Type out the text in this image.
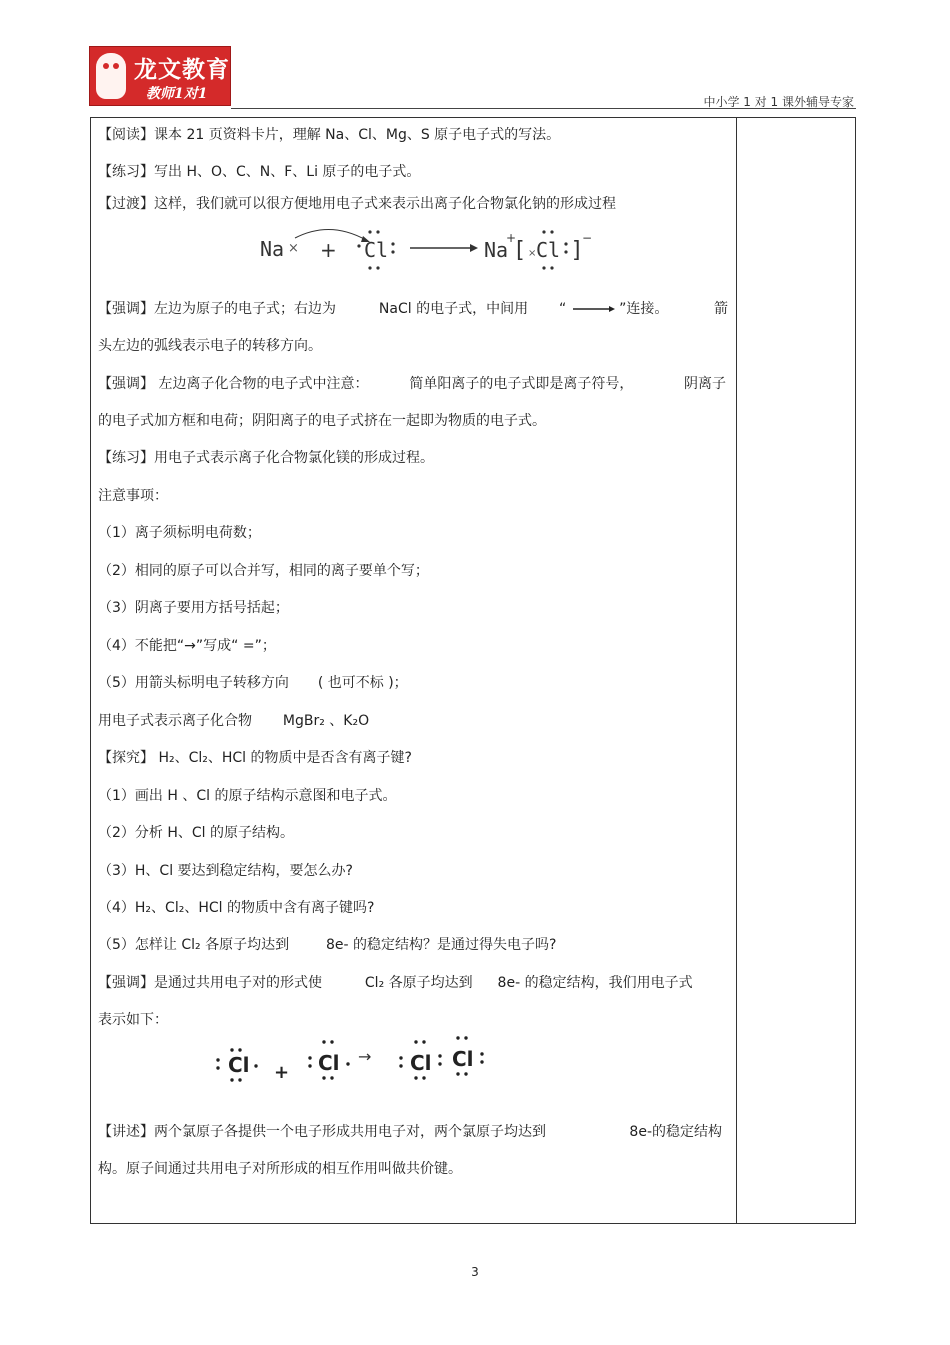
龙文教育
教师1对1	中小学 1 对 1 课外辅导专家
【阅读】课本 21 页资料卡片，理解 Na、Cl、Mg、S 原子电子式的写法。
【练习】写出 H、O、C、N、F、Li 原子的电子式。
【过渡】这样，我们就可以很方便地用电子式来表示出离子化合物氯化钠的形成过程
【强调】左边为原子的电子式；右边为	NaCl 的电子式，中间用 “	”连接。	箭
头左边的弧线表示电子的转移方向。
【强调】 左边离子化合物的电子式中注意：	简单阳离子的电子式即是离子符号，	阴离子
的电子式加方框和电荷；阴阳离子的电子式挤在一起即为物质的电子式。
【练习】用电子式表示离子化合物氯化镁的形成过程。
注意事项：
（1）离子须标明电荷数；
（2）相同的原子可以合并写，相同的离子要单个写；
（3）阴离子要用方括号括起；
（4）不能把“→”写成“ =”；
（5）用箭头标明电子转移方向 ( 也可不标 )；
用电子式表示离子化合物 MgBr₂ 、K₂O
【探究】 H₂、Cl₂、HCl 的物质中是否含有离子键?
（1）画出 H 、Cl 的原子结构示意图和电子式。
（2）分析 H、Cl 的原子结构。
（3）H、Cl 要达到稳定结构，要怎么办?
（4）H₂、Cl₂、HCl 的物质中含有离子键吗?
（5）怎样让 Cl₂ 各原子均达到	8e- 的稳定结构？是通过得失电子吗?
【强调】是通过共用电子对的形式使	Cl₂ 各原子均达到 8e- 的稳定结构，我们用电子式
表示如下：
【讲述】两个氯原子各提供一个电子形成共用电子对，两个氯原子均达到	8e-的稳定结构
构。原子间通过共用电子对所形成的相互作用叫做共价键。
Na × + Cl	Na
+ [ Cl
× ] −
Cl + Cl → Cl Cl
3
